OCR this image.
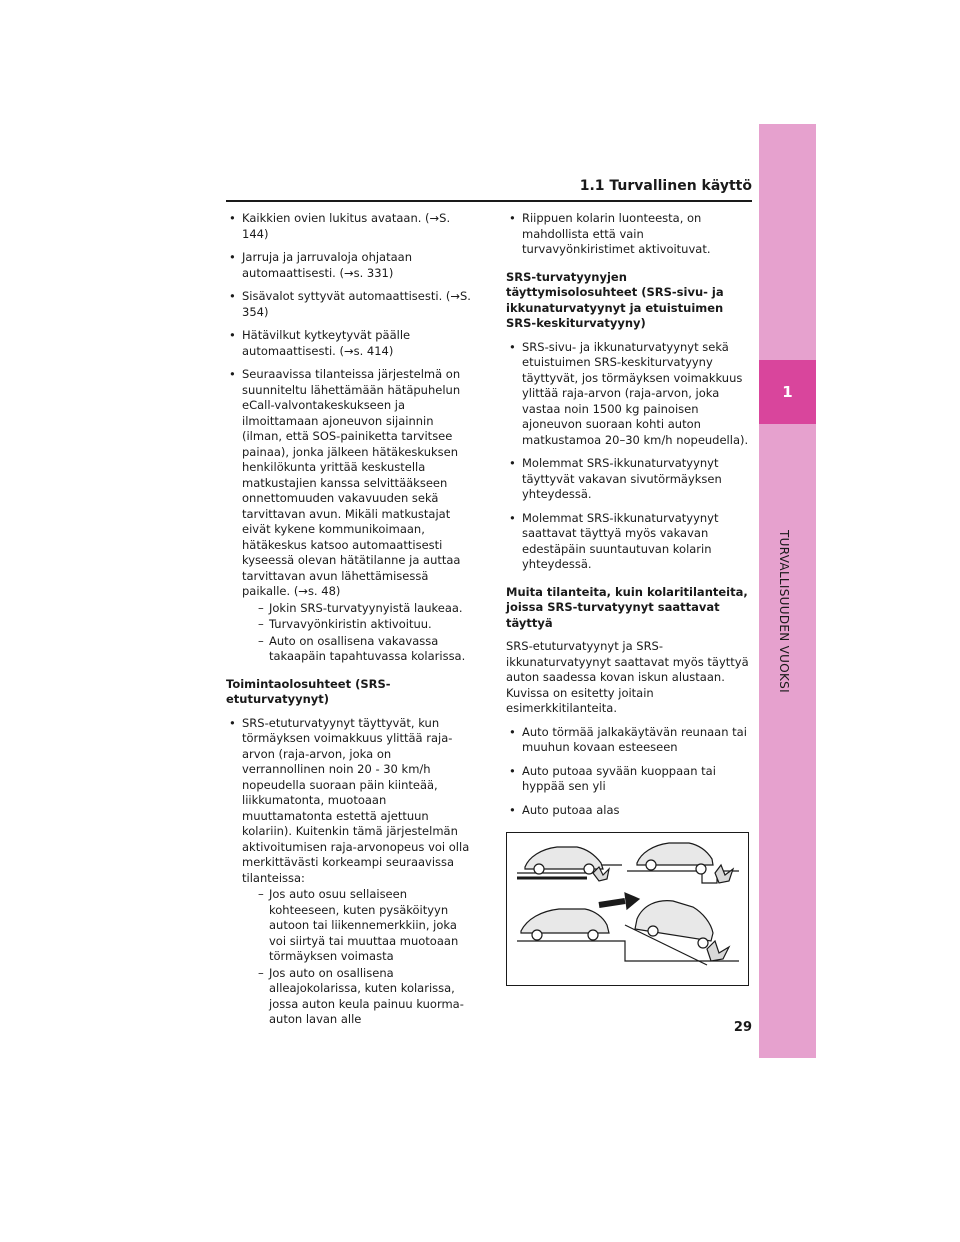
1.1 Turvallinen käyttö
1
TURVALLISUUDEN VUOKSI
• Kaikkien ovien lukitus avataan. (→S. 144)
• Jarruja ja jarruvaloja ohjataan automaattisesti. (→s. 331)
• Sisävalot syttyvät automaattisesti. (→S. 354)
• Hätävilkut kytkeytyvät päälle automaattisesti. (→s. 414)
• Seuraavissa tilanteissa järjestelmä on suunniteltu lähettämään hätäpuhelun eCall-valvontakeskukseen ja ilmoittamaan ajoneuvon sijainnin (ilman, että SOS-painiketta tarvitsee painaa), jonka jälkeen hätäkeskuksen henkilökunta yrittää keskustella matkustajien kanssa selvittääkseen onnettomuuden vakavuuden sekä tarvittavan avun. Mikäli matkustajat eivät kykene kommunikoimaan, hätäkeskus katsoo automaattisesti kyseessä olevan hätätilanne ja auttaa tarvittavan avun lähettämisessä paikalle. (→s. 48)
– Jokin SRS-turvatyynyistä laukeaa.
– Turvavyönkiristin aktivoituu.
– Auto on osallisena vakavassa takaapäin tapahtuvassa kolarissa.
Toimintaolosuhteet (SRS-etuturvatyynyt)
• SRS-etuturvatyynyt täyttyvät, kun törmäyksen voimakkuus ylittää raja-arvon (raja-arvon, joka on verrannollinen noin 20 - 30 km/h nopeudella suoraan päin kiinteää, liikkumatonta, muotoaan muuttamatonta estettä ajettuun kolariin). Kuitenkin tämä järjestelmän aktivoitumisen raja-arvonopeus voi olla merkittävästi korkeampi seuraavissa tilanteissa:
– Jos auto osuu sellaiseen kohteeseen, kuten pysäköityyn autoon tai liikennemerkkiin, joka voi siirtyä tai muuttaa muotoaan törmäyksen voimasta
– Jos auto on osallisena alleajokolarissa, kuten kolarissa, jossa auton keula painuu kuorma-auton lavan alle
• Riippuen kolarin luonteesta, on mahdollista että vain turvavyönkiristimet aktivoituvat.
SRS-turvatyynyjen täyttymisolosuhteet (SRS-sivu- ja ikkunaturvatyynyt ja etuistuimen SRS-keskiturvatyyny)
• SRS-sivu- ja ikkunaturvatyynyt sekä etuistuimen SRS-keskiturvatyyny täyttyvät, jos törmäyksen voimakkuus ylittää raja-arvon (raja-arvon, joka vastaa noin 1500 kg painoisen ajoneuvon suoraan kohti auton matkustamoa 20–30 km/h nopeudella).
• Molemmat SRS-ikkunaturvatyynyt täyttyvät vakavan sivutörmäyksen yhteydessä.
• Molemmat SRS-ikkunaturvatyynyt saattavat täyttyä myös vakavan edestäpäin suuntautuvan kolarin yhteydessä.
Muita tilanteita, kuin kolaritilanteita, joissa SRS-turvatyynyt saattavat täyttyä
SRS-etuturvatyynyt ja SRS-ikkunaturvatyynyt saattavat myös täyttyä auton saadessa kovan iskun alustaan. Kuvissa on esitetty joitain esimerkkitilanteita.
• Auto törmää jalkakäytävän reunaan tai muuhun kovaan esteeseen
• Auto putoaa syvään kuoppaan tai hyppää sen yli
• Auto putoaa alas
29
